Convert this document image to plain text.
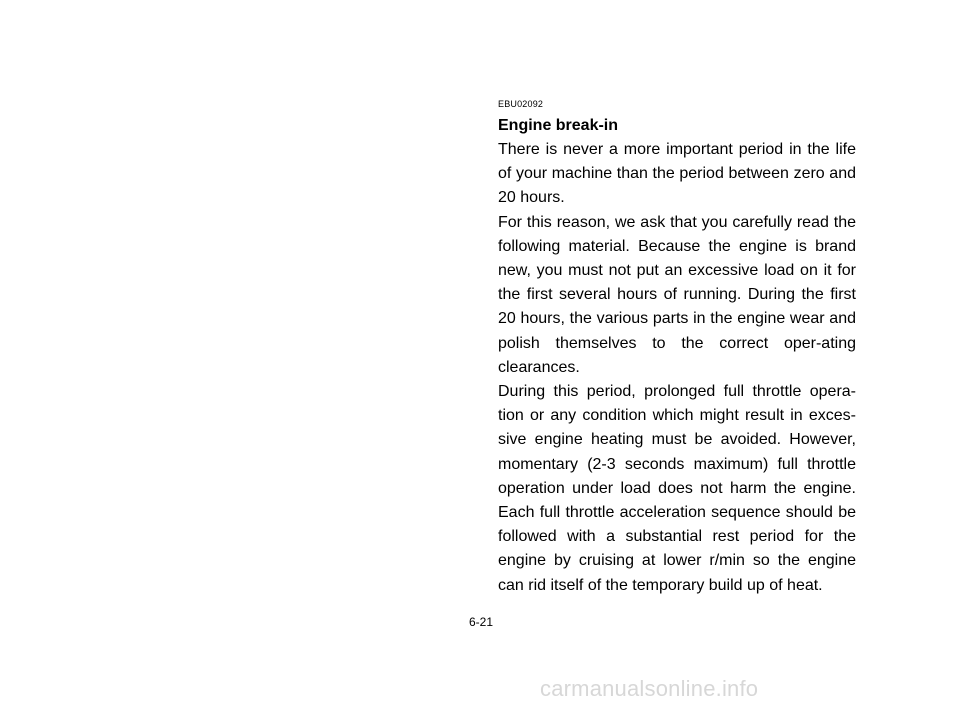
EBU02092
Engine break-in

There is never a more important period in the life of your machine than the period between zero and 20 hours.

For this reason, we ask that you carefully read the following material. Because the engine is brand new, you must not put an excessive load on it for the first several hours of running. During the first 20 hours, the various parts in the engine wear and polish themselves to the correct oper-ating clearances.

During this period, prolonged full throttle opera-tion or any condition which might result in exces-sive engine heating must be avoided. However, momentary (2-3 seconds maximum) full throttle operation under load does not harm the engine. Each full throttle acceleration sequence should be followed with a substantial rest period for the engine by cruising at lower r/min so the engine can rid itself of the temporary build up of heat.

6-21
carmanualsonline.info
